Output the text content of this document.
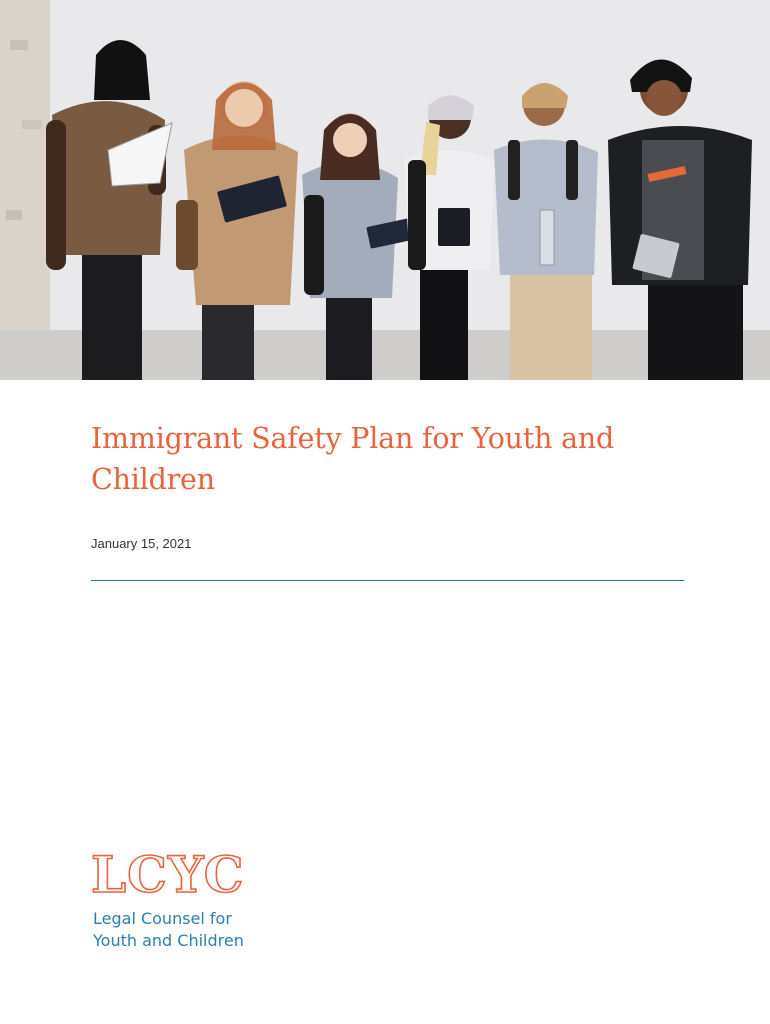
Immigrant Safety Plan for Youth and Children
January 15, 2021
LCYC
Legal Counsel for
Youth and Children
